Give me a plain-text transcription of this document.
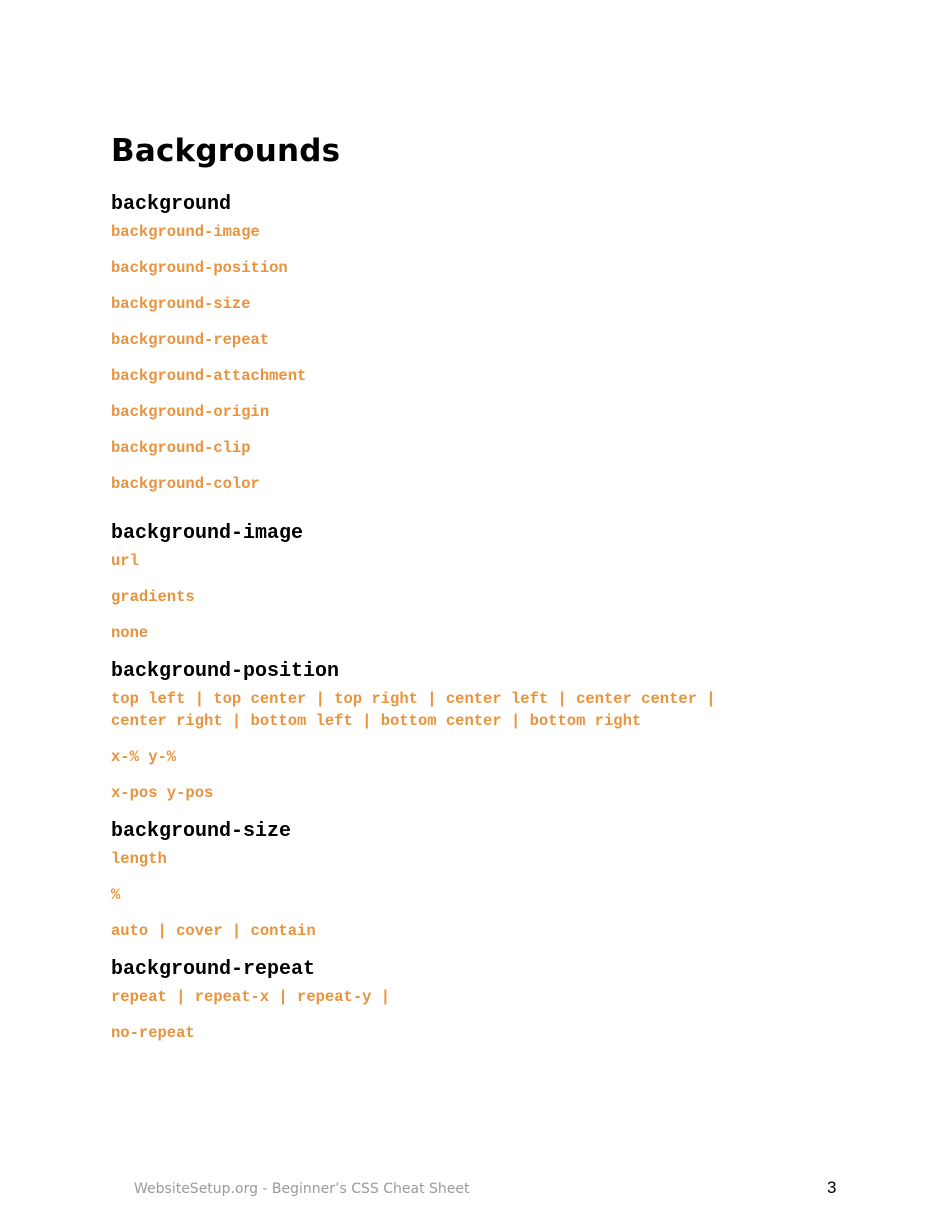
Backgrounds
background
background-image
background-position
background-size
background-repeat
background-attachment
background-origin
background-clip
background-color
background-image
url
gradients
none
background-position
top left | top center | top right | center left | center center |
center right | bottom left | bottom center | bottom right
x-% y-%
x-pos y-pos
background-size
length
%
auto | cover | contain
background-repeat
repeat | repeat-x | repeat-y |
no-repeat
WebsiteSetup.org - Beginner’s CSS Cheat Sheet	3
